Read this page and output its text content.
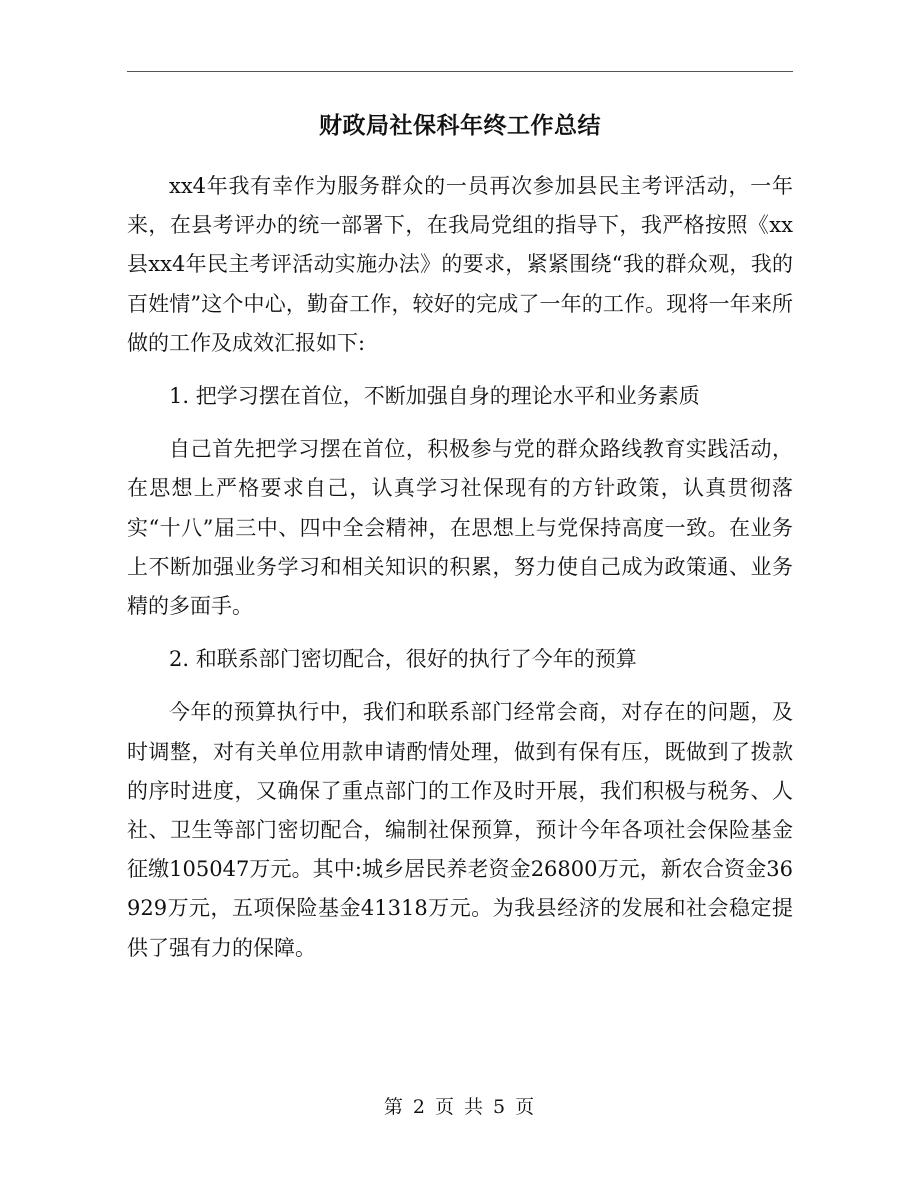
财政局社保科年终工作总结

xx4年我有幸作为服务群众的一员再次参加县民主考评活动，一年来，在县考评办的统一部署下，在我局党组的指导下，我严格按照《xx县xx4年民主考评活动实施办法》的要求，紧紧围绕“我的群众观，我的百姓情”这个中心，勤奋工作，较好的完成了一年的工作。现将一年来所做的工作及成效汇报如下:

1. 把学习摆在首位，不断加强自身的理论水平和业务素质

自己首先把学习摆在首位，积极参与党的群众路线教育实践活动，在思想上严格要求自己，认真学习社保现有的方针政策，认真贯彻落实“十八”届三中、四中全会精神，在思想上与党保持高度一致。在业务上不断加强业务学习和相关知识的积累，努力使自己成为政策通、业务精的多面手。

2. 和联系部门密切配合，很好的执行了今年的预算

今年的预算执行中，我们和联系部门经常会商，对存在的问题，及时调整，对有关单位用款申请酌情处理，做到有保有压，既做到了拨款的序时进度，又确保了重点部门的工作及时开展，我们积极与税务、人社、卫生等部门密切配合，编制社保预算，预计今年各项社会保险基金征缴105047万元。其中:城乡居民养老资金26800万元，新农合资金36929万元，五项保险基金41318万元。为我县经济的发展和社会稳定提供了强有力的保障。

第 2 页 共 5 页
